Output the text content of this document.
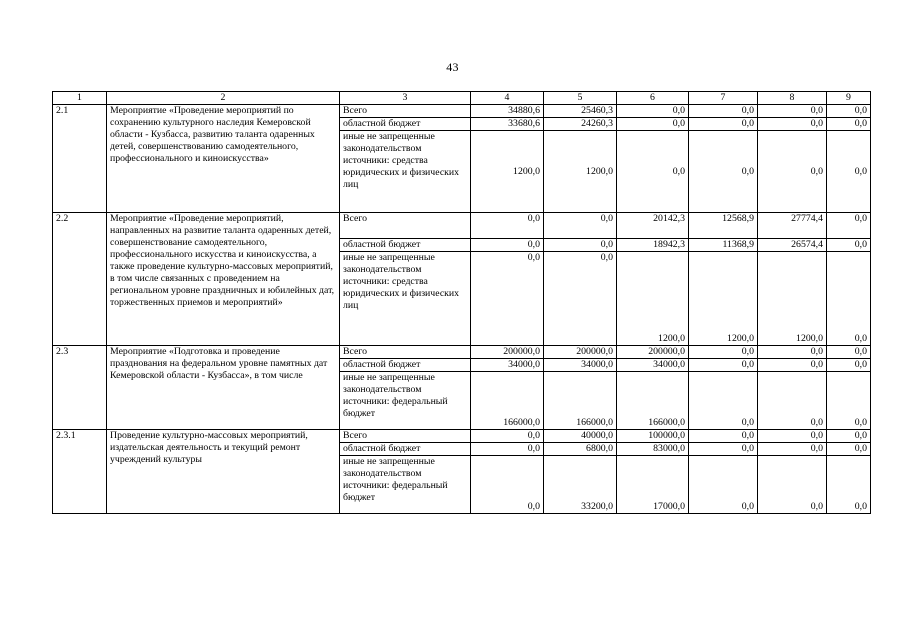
43
1	2	3	4	5	6	7	8	9
2.1	Мероприятие «Проведение мероприятий по сохранению культурного наследия Кемеровской области - Кузбасса, развитию таланта одаренных детей, совершенствованию самодеятельного, профессионального и киноискусства»	Всего	34880,6	25460,3	0,0	0,0	0,0	0,0

		областной бюджет	33680,6	24260,3	0,0	0,0	0,0	0,0

		иные не запрещенные законодательством источники: средства юридических и физических лиц	1200,0	1200,0	0,0	0,0	0,0	0,0

2.2	Мероприятие «Проведение мероприятий, направленных на развитие таланта одаренных детей, совершенствование самодеятельного, профессионального искусства и киноискусства, а также проведение культурно-массовых мероприятий, в том числе связанных с проведением на региональном уровне праздничных и юбилейных дат, торжественных приемов и мероприятий»	Всего	0,0	0,0	20142,3	12568,9	27774,4	0,0

		областной бюджет	0,0	0,0	18942,3	11368,9	26574,4	0,0

		иные не запрещенные законодательством источники: средства юридических и физических лиц	0,0	0,0	1200,0	1200,0	1200,0	0,0

2.3	Мероприятие «Подготовка и проведение празднования на федеральном уровне памятных дат Кемеровской области - Кузбасса», в том числе	Всего	200000,0	200000,0	200000,0	0,0	0,0	0,0

		областной бюджет	34000,0	34000,0	34000,0	0,0	0,0	0,0

		иные не запрещенные законодательством источники: федеральный бюджет	166000,0	166000,0	166000,0	0,0	0,0	0,0

2.3.1	Проведение культурно-массовых мероприятий, издательская деятельность и текущий ремонт учреждений культуры	Всего	0,0	40000,0	100000,0	0,0	0,0	0,0

		областной бюджет	0,0	6800,0	83000,0	0,0	0,0	0,0

		иные не запрещенные законодательством источники: федеральный бюджет	0,0	33200,0	17000,0	0,0	0,0	0,0
